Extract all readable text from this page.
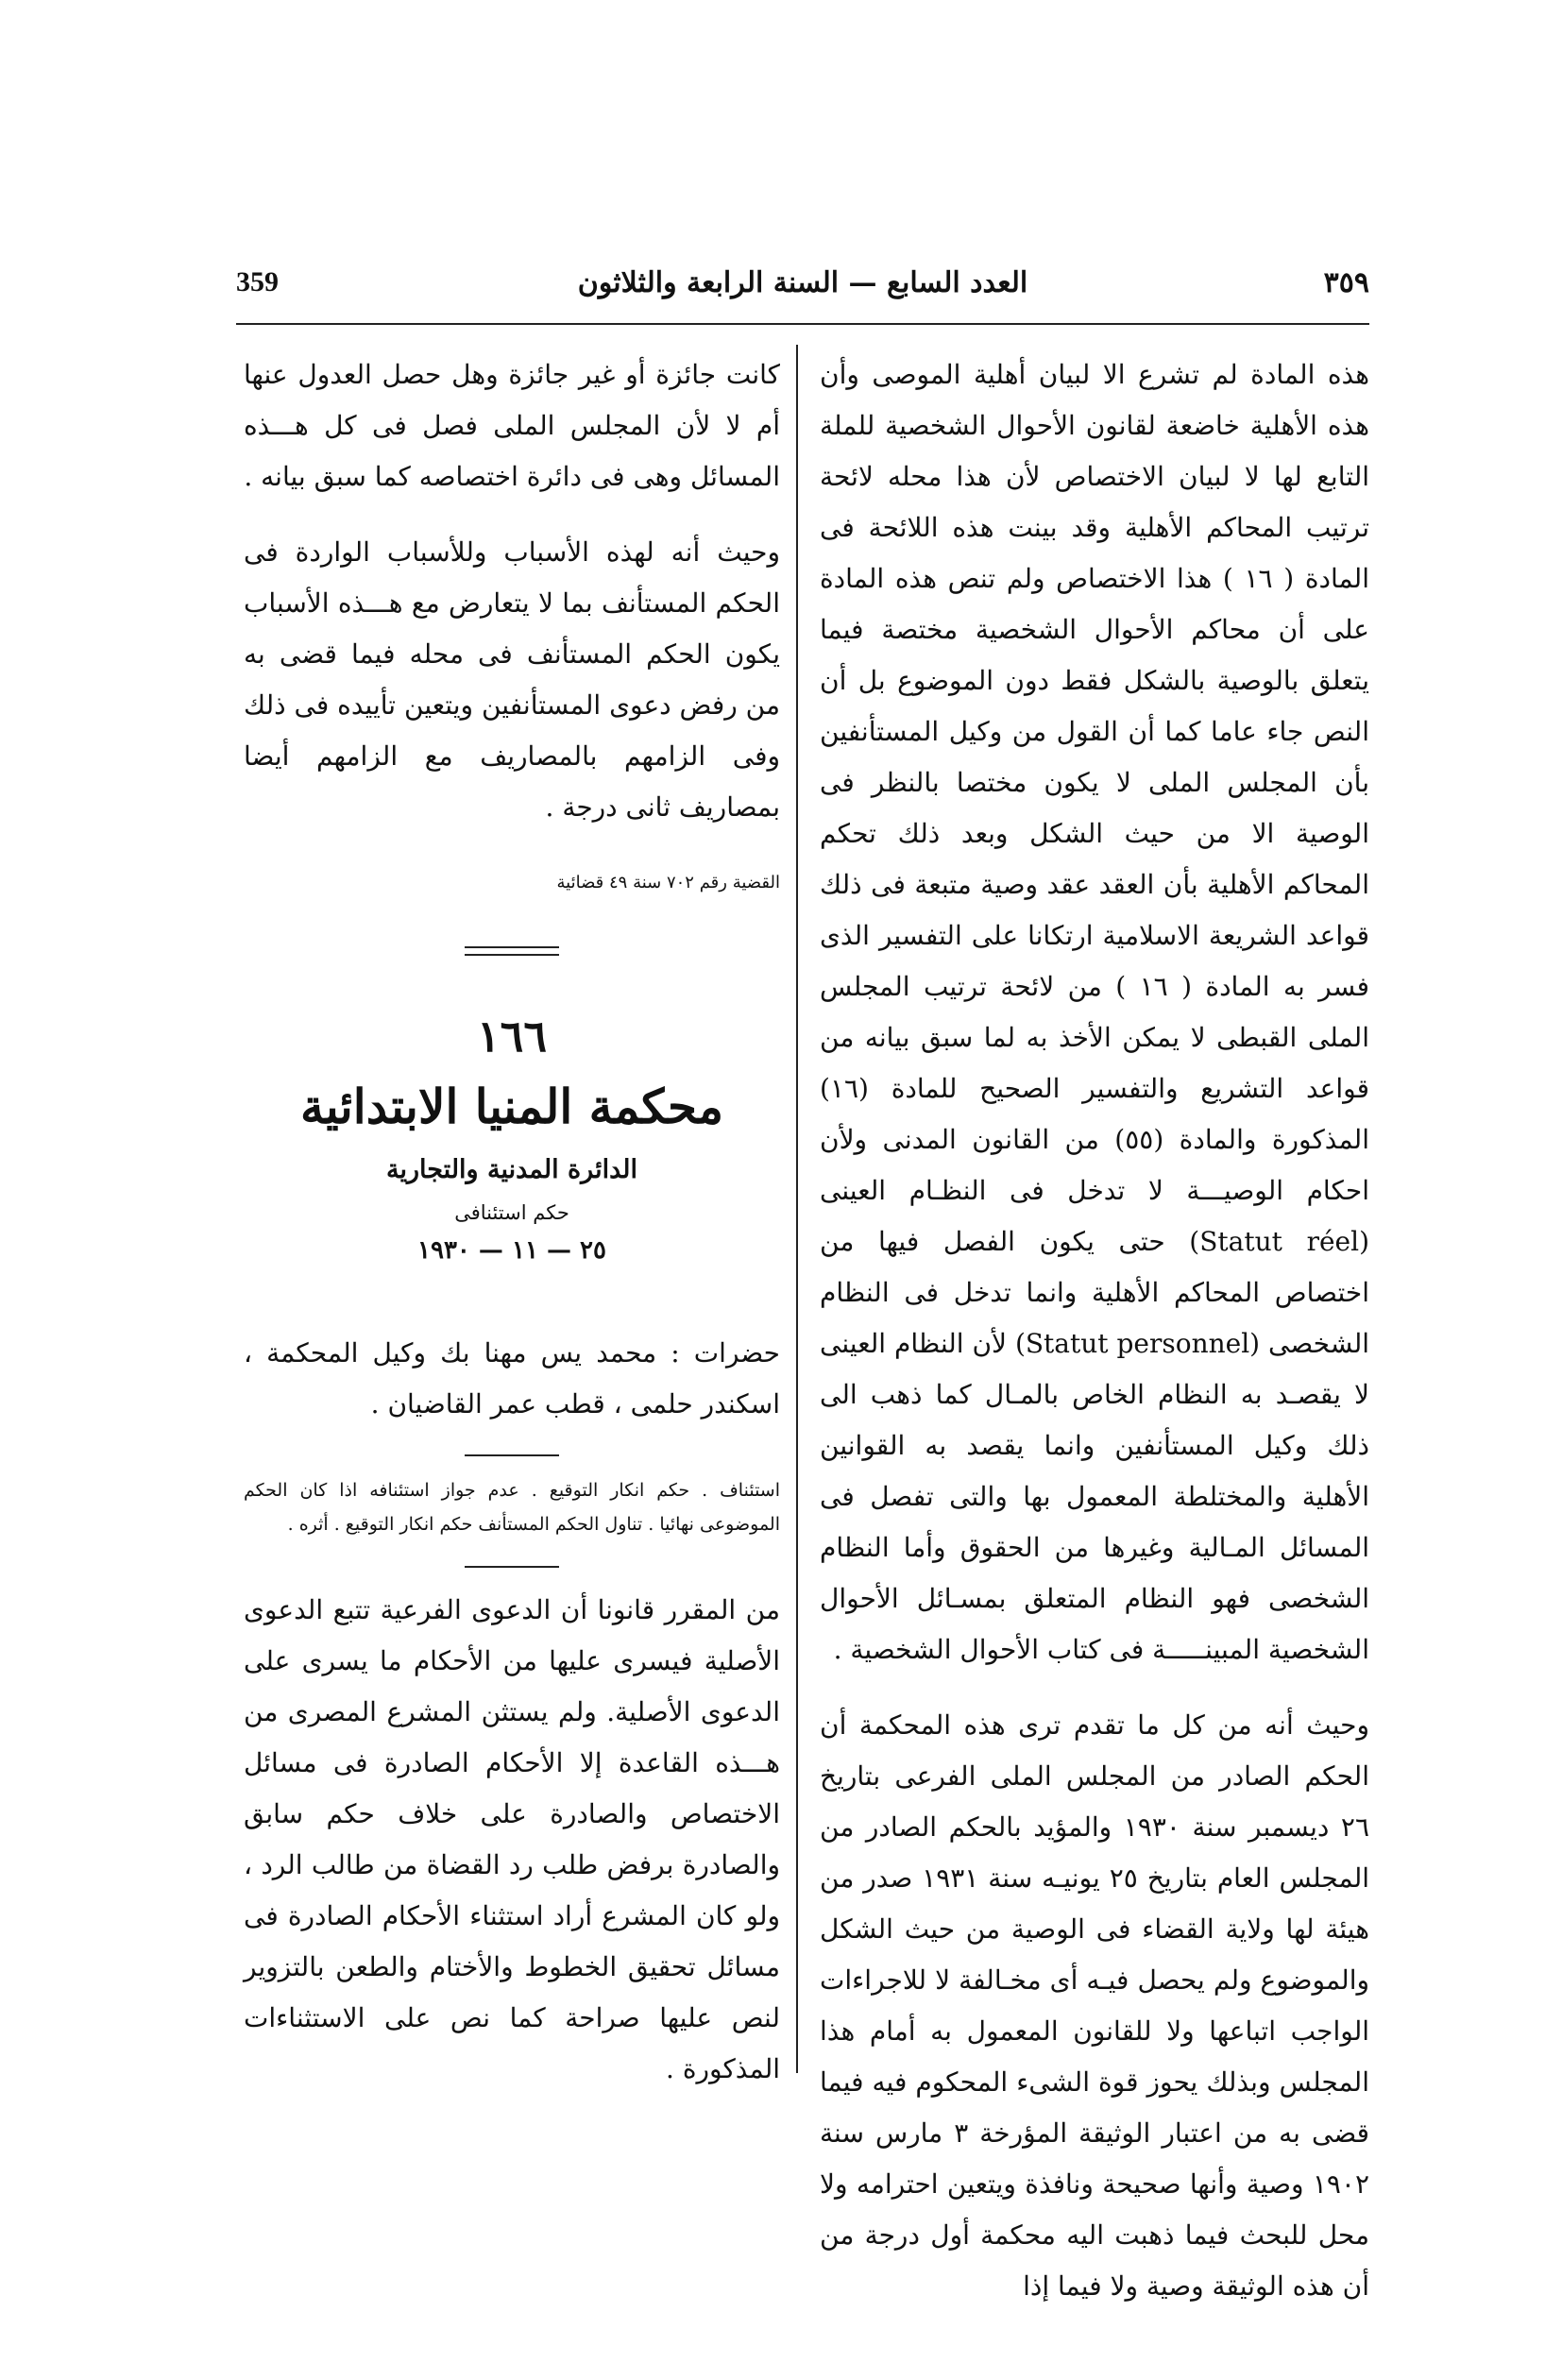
٣٥٩
العدد السابع — السنة الرابعة والثلاثون
359

هذه المادة لم تشرع الا لبيان أهلية الموصى وأن هذه الأهلية خاضعة لقانون الأحوال الشخصية للملة التابع لها لا لبيان الاختصاص لأن هذا محله لائحة ترتيب المحاكم الأهلية وقد بينت هذه اللائحة فى المادة ( ١٦ ) هذا الاختصاص ولم تنص هذه المادة على أن محاكم الأحوال الشخصية مختصة فيما يتعلق بالوصية بالشكل فقط دون الموضوع بل أن النص جاء عاما كما أن القول من وكيل المستأنفين بأن المجلس الملى لا يكون مختصا بالنظر فى الوصية الا من حيث الشكل وبعد ذلك تحكم المحاكم الأهلية بأن العقد عقد وصية متبعة فى ذلك قواعد الشريعة الاسلامية ارتكانا على التفسير الذى فسر به المادة ( ١٦ ) من لائحة ترتيب المجلس الملى القبطى لا يمكن الأخذ به لما سبق بيانه من قواعد التشريع والتفسير الصحيح للمادة (١٦) المذكورة والمادة (٥٥) من القانون المدنى ولأن احكام الوصيـــة لا تدخل فى النظـام العينى (Statut réel) حتى يكون الفصل فيها من اختصاص المحاكم الأهلية وانما تدخل فى النظام الشخصى (Statut personnel) لأن النظام العينى لا يقصـد به النظام الخاص بالمـال كما ذهب الى ذلك وكيل المستأنفين وانما يقصد به القوانين الأهلية والمختلطة المعمول بها والتى تفصل فى المسائل المـالية وغيرها من الحقوق وأما النظام الشخصى فهو النظام المتعلق بمسـائل الأحوال الشخصية المبينـــــة فى كتاب الأحوال الشخصية .

وحيث أنه من كل ما تقدم ترى هذه المحكمة أن الحكم الصادر من المجلس الملى الفرعى بتاريخ ٢٦ ديسمبر سنة ١٩٣٠ والمؤيد بالحكم الصادر من المجلس العام بتاريخ ٢٥ يونيـه سنة ١٩٣١ صدر من هيئة لها ولاية القضاء فى الوصية من حيث الشكل والموضوع ولم يحصل فيـه أى مخـالفة لا للاجراءات الواجب اتباعها ولا للقانون المعمول به أمام هذا المجلس وبذلك يحوز قوة الشىء المحكوم فيه فيما قضى به من اعتبار الوثيقة المؤرخة ٣ مارس سنة ١٩٠٢ وصية وأنها صحيحة ونافذة ويتعين احترامه ولا محل للبحث فيما ذهبت اليه محكمة أول درجة من أن هذه الوثيقة وصية ولا فيما إذا

كانت جائزة أو غير جائزة وهل حصل العدول عنها أم لا لأن المجلس الملى فصل فى كل هـــذه المسائل وهى فى دائرة اختصاصه كما سبق بيانه .

وحيث أنه لهذه الأسباب وللأسباب الواردة فى الحكم المستأنف بما لا يتعارض مع هـــذه الأسباب يكون الحكم المستأنف فى محله فيما قضى به من رفض دعوى المستأنفين ويتعين تأييده فى ذلك وفى الزامهم بالمصاريف مع الزامهم أيضا بمصاريف ثانى درجة .

القضية رقم ٧٠٢ سنة ٤٩ قضائية
١٦٦
محكمة المنيا الابتدائية
الدائرة المدنية والتجارية
حكم استئنافى
٢٥ — ١١ — ١٩٣٠

حضرات : محمد يس مهنا بك وكيل المحكمة ، اسكندر حلمى ، قطب عمر القاضيان .

استئناف . حكم انكار التوقيع . عدم جواز استئنافه اذا كان الحكم الموضوعى نهائيا . تناول الحكم المستأنف حكم انكار التوقيع . أثره .

من المقرر قانونا أن الدعوى الفرعية تتبع الدعوى الأصلية فيسرى عليها من الأحكام ما يسرى على الدعوى الأصلية. ولم يستثن المشرع المصرى من هـــذه القاعدة إلا الأحكام الصادرة فى مسائل الاختصاص والصادرة على خلاف حكم سابق والصادرة برفض طلب رد القضاة من طالب الرد ، ولو كان المشرع أراد استثناء الأحكام الصادرة فى مسائل تحقيق الخطوط والأختام والطعن بالتزوير لنص عليها صراحة كما نص على الاستثناءات المذكورة .
